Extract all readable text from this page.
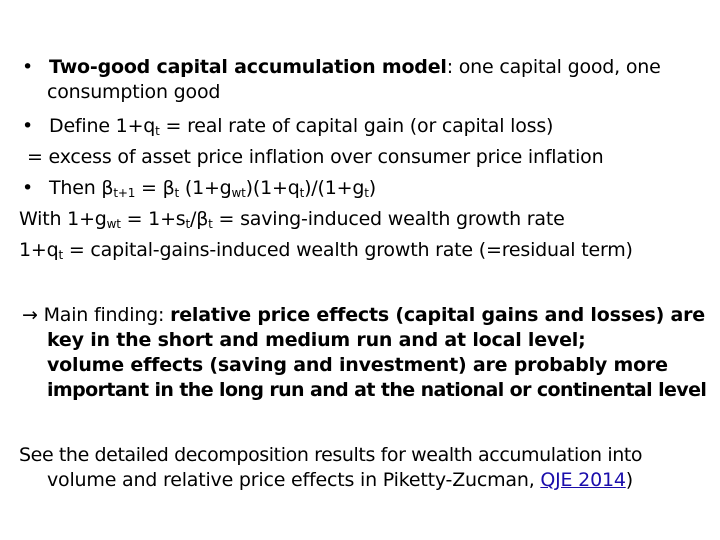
• Two-good capital accumulation model: one capital good, one
consumption good
• Define $1+q_t$ = real rate of capital gain (or capital loss)
= excess of asset price inflation over consumer price inflation
• Then $\beta_{t+1} = \beta_t$ $(1+g_{wt})(1+q_t)/(1+g_t)$
With $1+g_{wt} = 1+s_t/\beta_t$ = saving-induced wealth growth rate
$1+q_t$ = capital-gains-induced wealth growth rate (=residual term)
→ Main finding: relative price effects (capital gains and losses) are
key in the short and medium run and at local level;
volume effects (saving and investment) are probably more
important in the long run and at the national or continental level
See the detailed decomposition results for wealth accumulation into
volume and relative price effects in Piketty-Zucman, QJE 2014)
